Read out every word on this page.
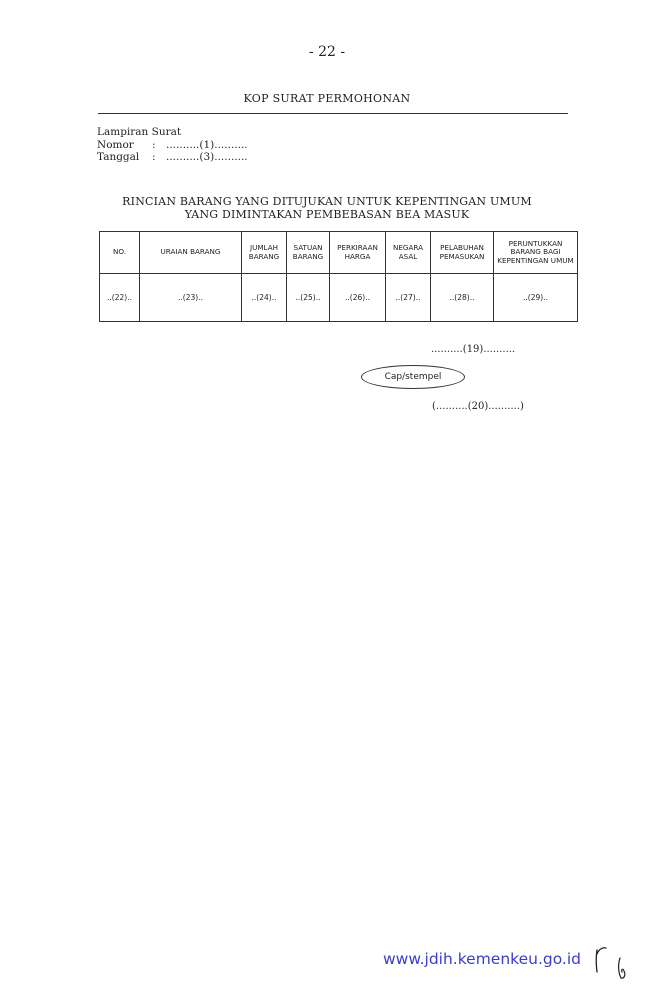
- 22 -
KOP SURAT PERMOHONAN
Lampiran Surat
Nomor : ..........(1)..........
Tanggal : ..........(3)..........
RINCIAN BARANG YANG DITUJUKAN UNTUK KEPENTINGAN UMUM
YANG DIMINTAKAN PEMBEBASAN BEA MASUK
NO.	URAIAN BARANG	JUMLAH BARANG	SATUAN BARANG	PERKIRAAN HARGA	NEGARA ASAL	PELABUHAN PEMASUKAN	PERUNTUKKAN BARANG BAGI KEPENTINGAN UMUM
..(22)..	..(23)..	..(24)..	..(25)..	..(26)..	..(27)..	..(28)..	..(29)..
..........(19)..........
Cap/stempel
(..........(20)..........)
www.jdih.kemenkeu.go.id
